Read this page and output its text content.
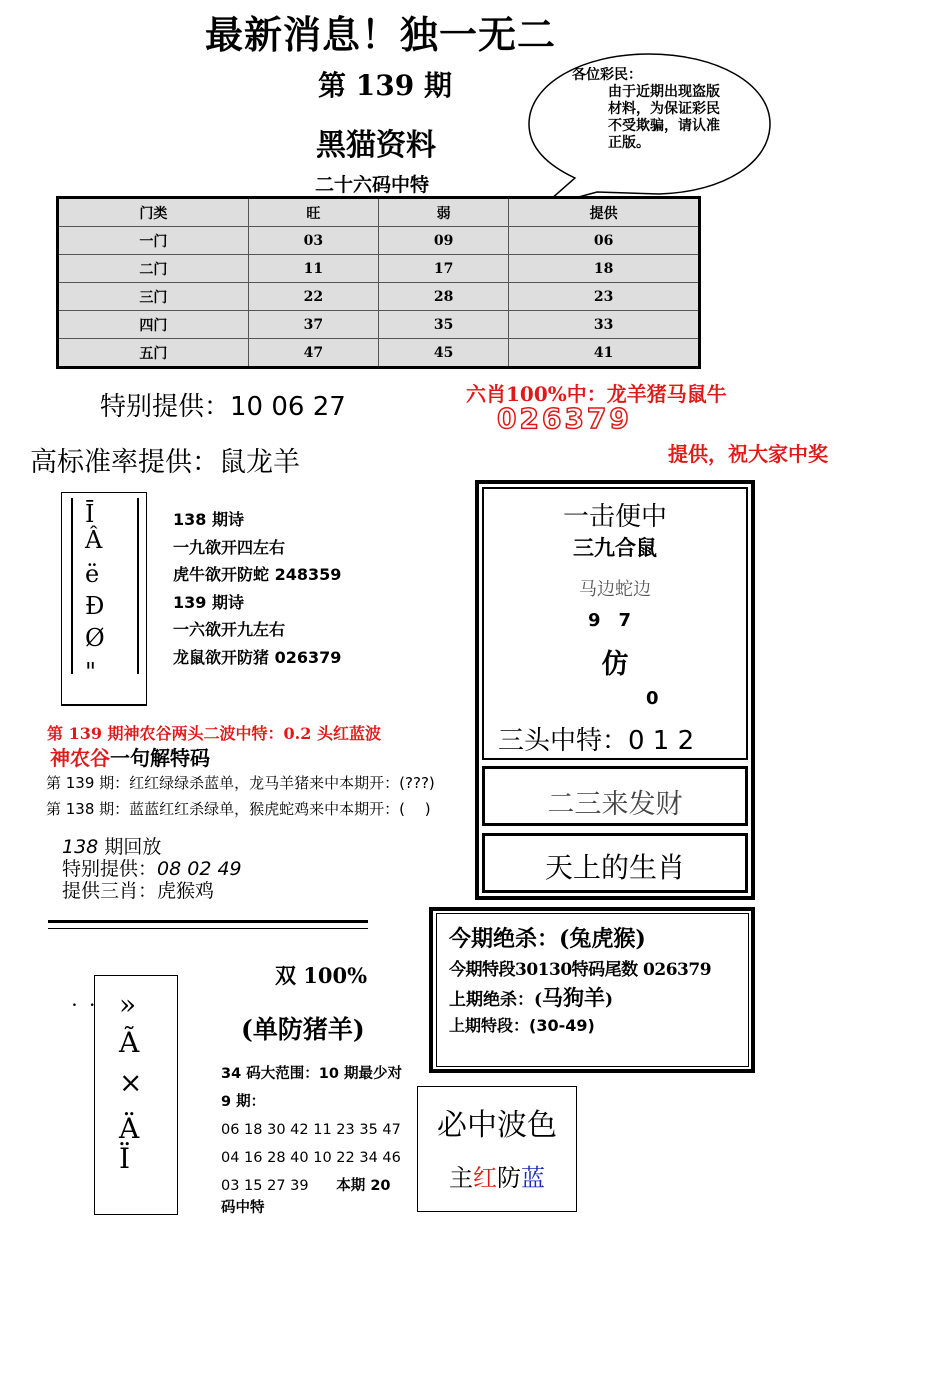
最新消息！独一无二
第 139 期
黑猫资料
二十六码中特
各位彩民：
由于近期出现盗版材料，为保证彩民不受欺骗，请认准正版。
门类	旺	弱	提供
一门	03	09	06
二门	11	17	18
三门	22	28	23
四门	37	35	33
五门	47	45	41
特别提供：10 06 27
高标准率提供：鼠龙羊
六肖100%中：龙羊猪马鼠牛
026379
提供，祝大家中奖
Ī
Â
ë
Ð
Ø
"
138 期诗
一九欲开四左右
虎牛欲开防蛇 248359
139 期诗
一六欲开九左右
龙鼠欲开防猪 026379
第 139 期神农谷两头二波中特：0.2 头红蓝波
神农谷一句解特码
第 139 期：红红绿绿杀蓝单，龙马羊猪来中本期开：(???)
第 138 期：蓝蓝红红杀绿单，猴虎蛇鸡来中本期开：(　 )
138 期回放
特别提供：08 02 49
提供三肖：虎猴鸡
一击便中
三九合鼠
马边蛇边
9　7
仿
0
三头中特：0 1 2
二三来发财
天上的生肖
今期绝杀：(兔虎猴)
今期特段30130特码尾数 026379
上期绝杀：(马狗羊)
上期特段：(30-49)
. . »
Ã
×
Ä
Ï
双 100%
(单防猪羊)
34 码大范围：10 期最少对
9 期：
06 18 30 42 11 23 35 47
04 16 28 40 10 22 34 46
03 15 27 39 本期 20
码中特
必中波色
主红防蓝
